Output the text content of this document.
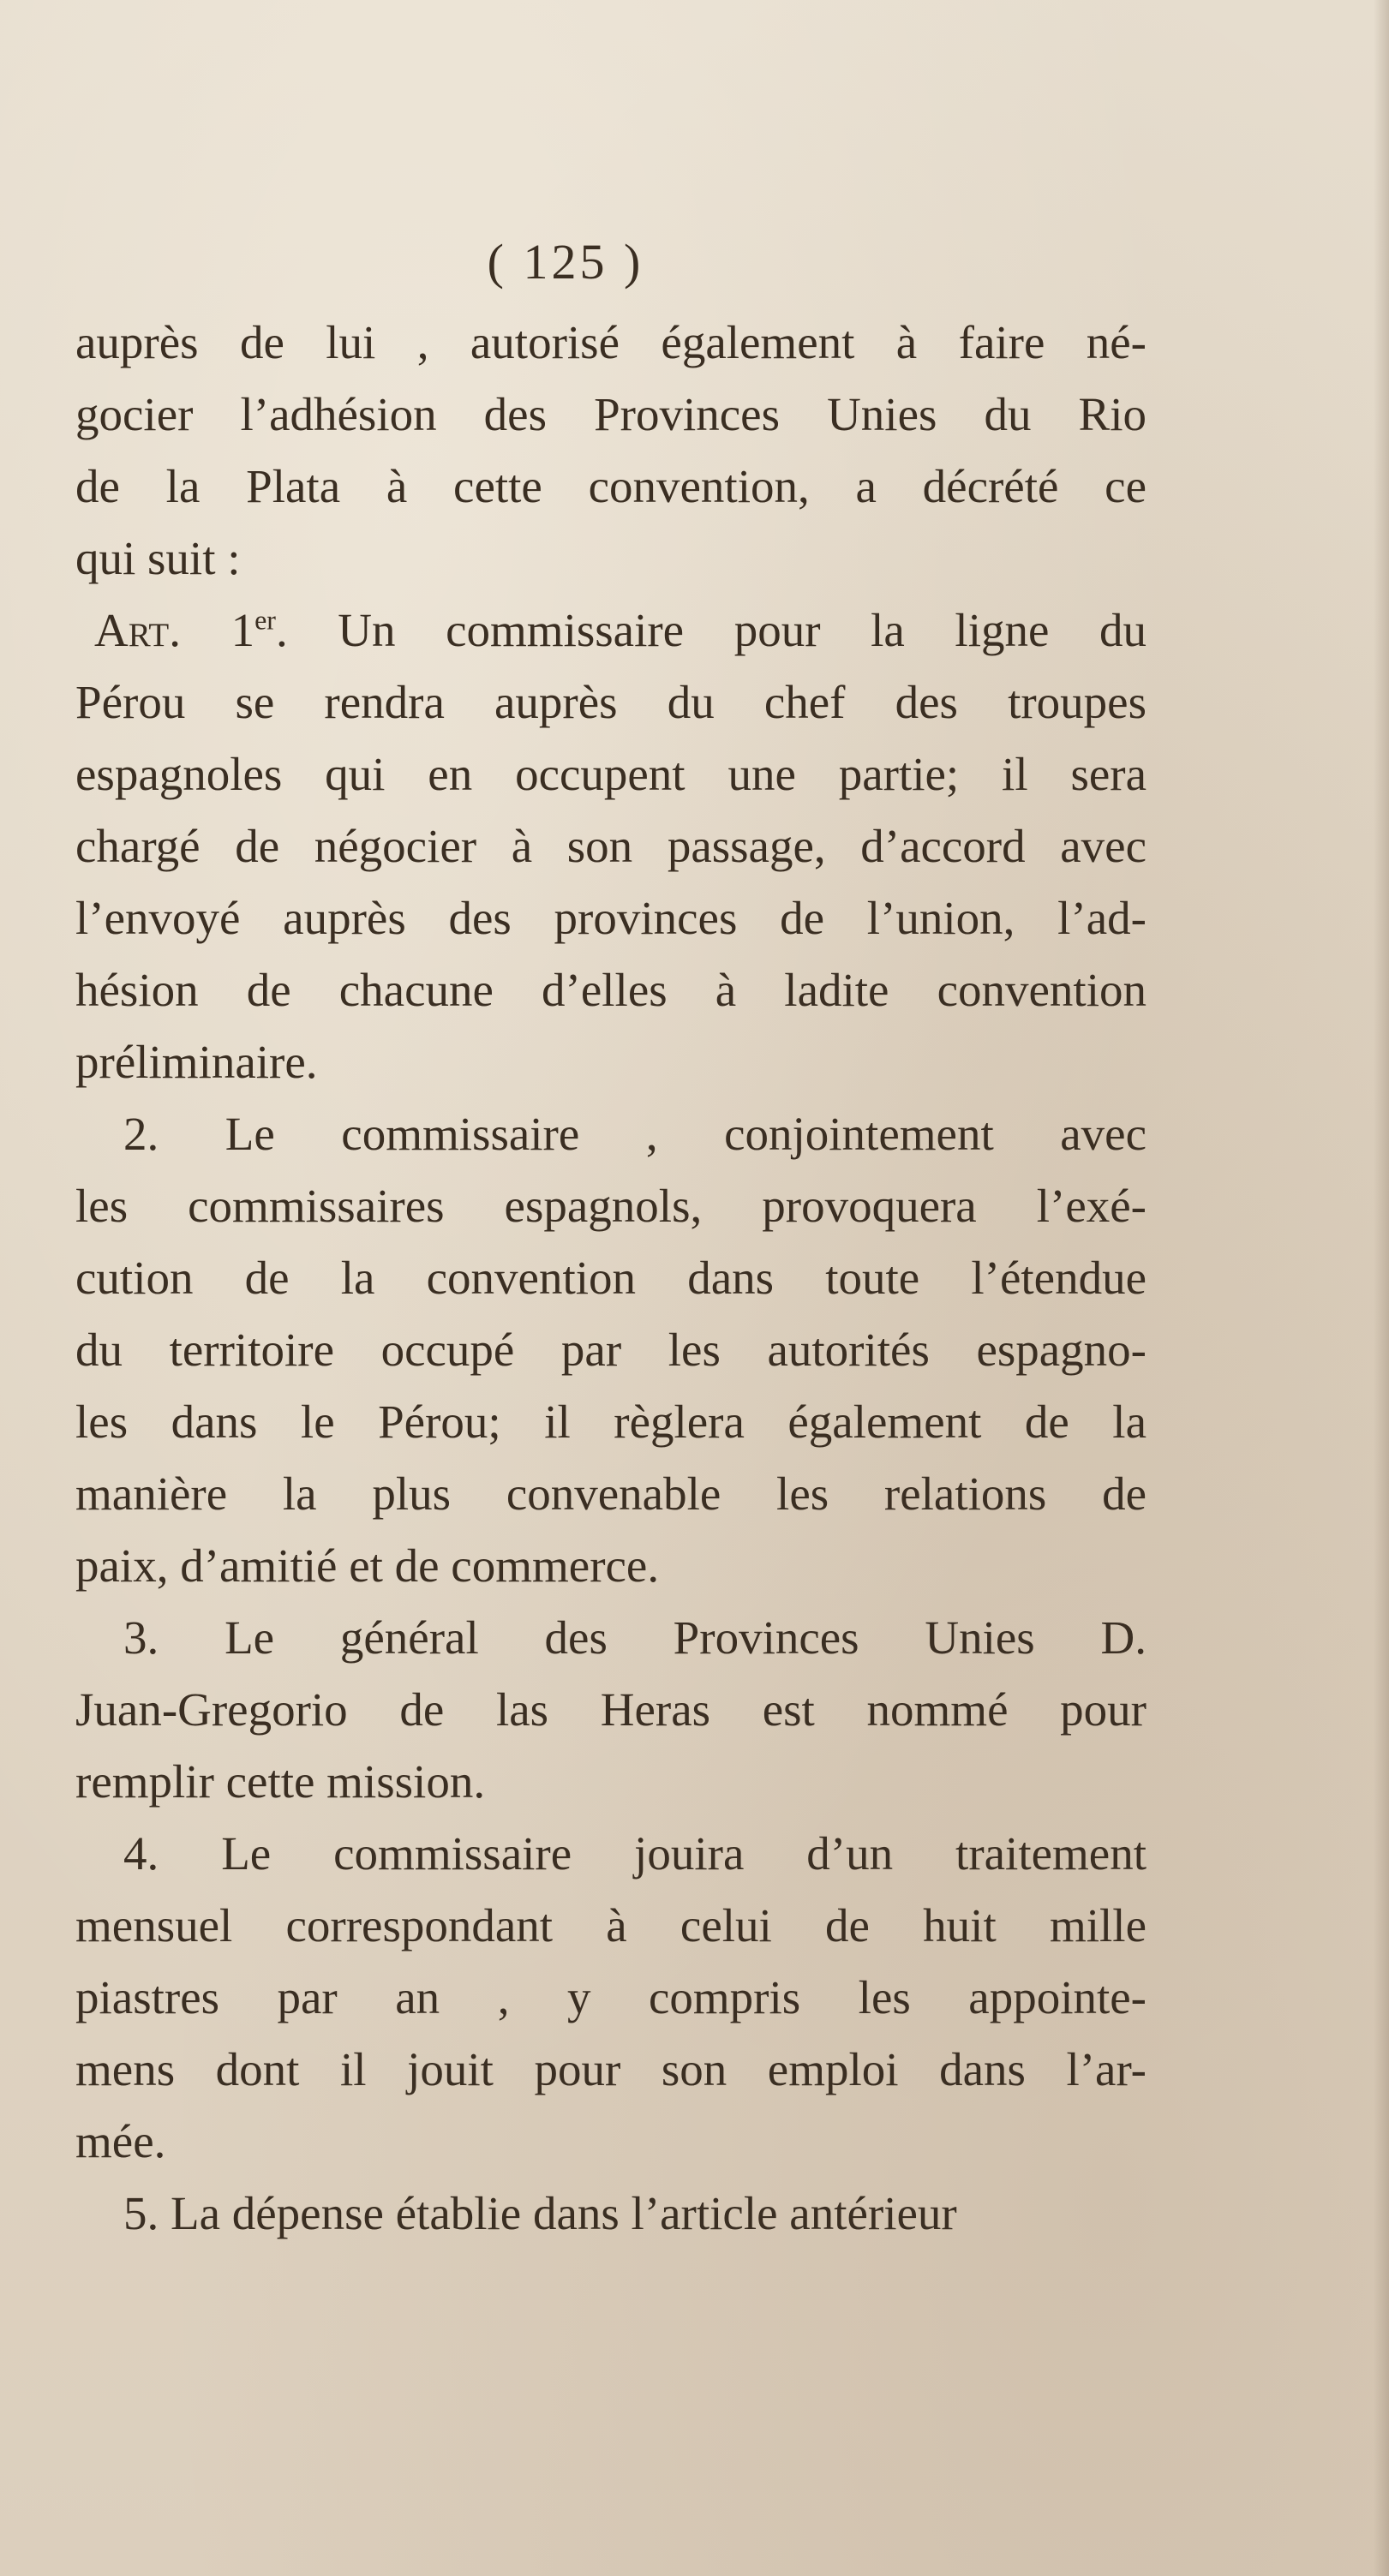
( 125 )
auprès de lui , autorisé également à faire né-
gocier l’adhésion des Provinces Unies du Rio
de la Plata à cette convention, a décrété ce
qui suit :
Art. 1er. Un commissaire pour la ligne du
Pérou se rendra auprès du chef des troupes
espagnoles qui en occupent une partie; il sera
chargé de négocier à son passage, d’accord avec
l’envoyé auprès des provinces de l’union, l’ad-
hésion de chacune d’elles à ladite convention
préliminaire.
2. Le commissaire , conjointement avec
les commissaires espagnols, provoquera l’exé-
cution de la convention dans toute l’étendue
du territoire occupé par les autorités espagno-
les dans le Pérou; il règlera également de la
manière la plus convenable les relations de
paix, d’amitié et de commerce.
3. Le général des Provinces Unies D.
Juan-Gregorio de las Heras est nommé pour
remplir cette mission.
4. Le commissaire jouira d’un traitement
mensuel correspondant à celui de huit mille
piastres par an , y compris les appointe-
mens dont il jouit pour son emploi dans l’ar-
mée.
5. La dépense établie dans l’article antérieur
